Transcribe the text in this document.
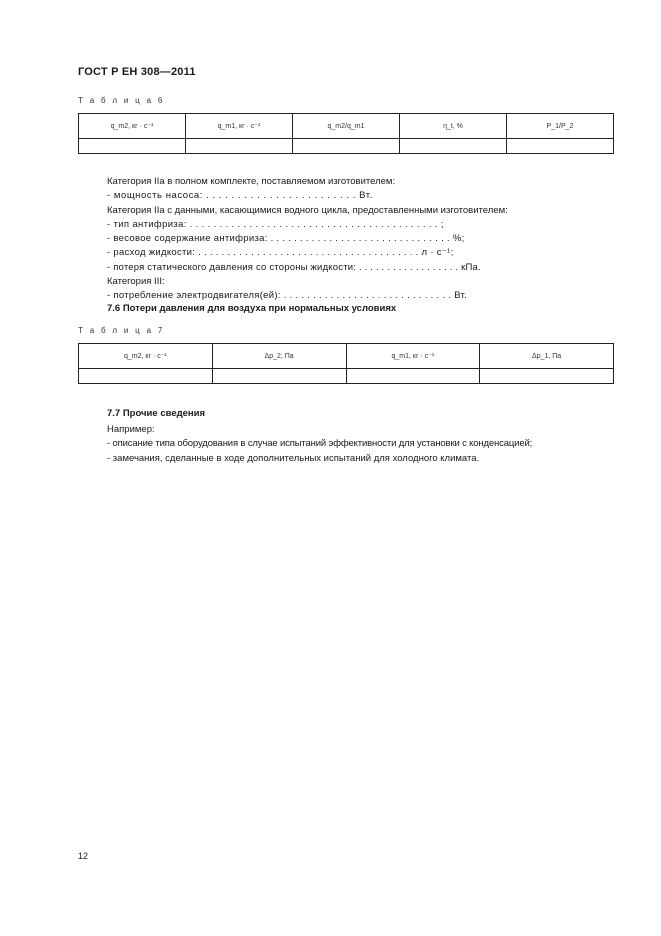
ГОСТ Р ЕН 308—2011
Т а б л и ц а 6
q_m2, кг · с⁻¹	q_m1, кг · с⁻¹	q_m2/q_m1	η_t, %	P_1/P_2

Категория IIа в полном комплекте, поставляемом изготовителем:
- мощность насоса: . . . . . . . . . . . . . . . . . . . . . . . . Вт.
Категория IIа с данными, касающимися водного цикла, предоставленными изготовителем:
- тип антифриза: . . . . . . . . . . . . . . . . . . . . . . . . . . . . . . . . . . . . . . . . . . ;
- весовое содержание антифриза: . . . . . . . . . . . . . . . . . . . . . . . . . . . . . . . %;
- расход жидкости: . . . . . . . . . . . . . . . . . . . . . . . . . . . . . . . . . . . . . . л · с⁻¹;
- потеря статического давления со стороны жидкости: . . . . . . . . . . . . . . . . . . кПа.
Категория III:
- потребление электродвигателя(ей): . . . . . . . . . . . . . . . . . . . . . . . . . . . . . Вт.
7.6 Потери давления для воздуха при нормальных условиях
Т а б л и ц а 7
q_m2, кг · с⁻¹	Δp_2, Па	q_m1, кг · с⁻¹	Δp_1, Па

7.7 Прочие сведения
Например:
- описание типа оборудования в случае испытаний эффективности для установки с конденсацией;
- замечания, сделанные в ходе дополнительных испытаний для холодного климата.
12
